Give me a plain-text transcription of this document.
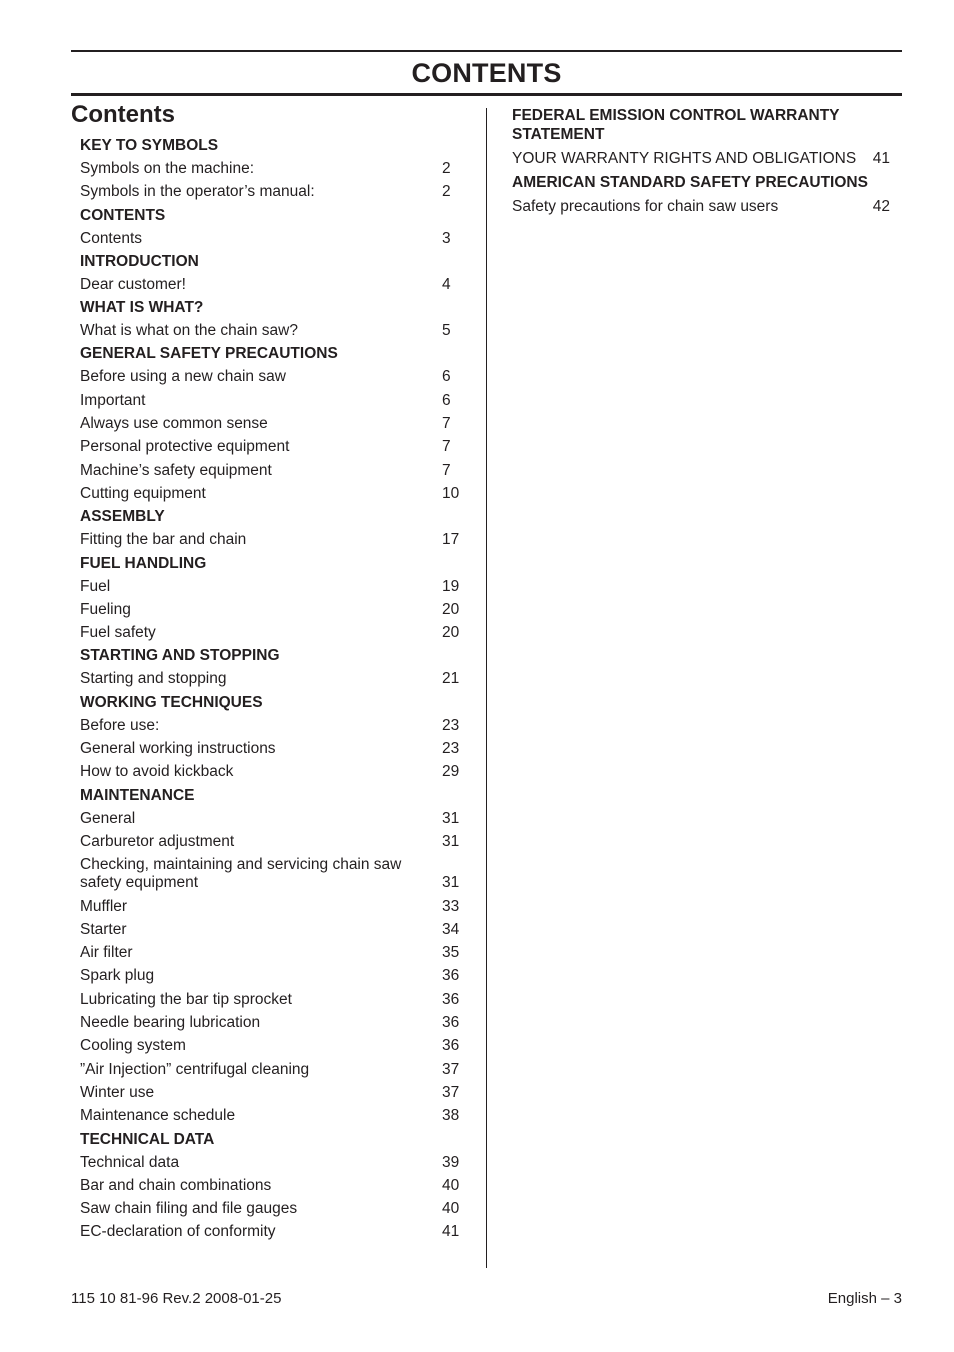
CONTENTS
Contents
KEY TO SYMBOLS
Symbols on the machine:	2
Symbols in the operator’s manual:	2
CONTENTS
Contents	3
INTRODUCTION
Dear customer!	4
WHAT IS WHAT?
What is what on the chain saw?	5
GENERAL SAFETY PRECAUTIONS
Before using a new chain saw	6
Important	6
Always use common sense	7
Personal protective equipment	7
Machine’s safety equipment	7
Cutting equipment	10
ASSEMBLY
Fitting the bar and chain	17
FUEL HANDLING
Fuel	19
Fueling	20
Fuel safety	20
STARTING AND STOPPING
Starting and stopping	21
WORKING TECHNIQUES
Before use:	23
General working instructions	23
How to avoid kickback	29
MAINTENANCE
General	31
Carburetor adjustment	31
Checking, maintaining and servicing chain saw safety equipment	31
Muffler	33
Starter	34
Air filter	35
Spark plug	36
Lubricating the bar tip sprocket	36
Needle bearing lubrication	36
Cooling system	36
”Air Injection” centrifugal cleaning	37
Winter use	37
Maintenance schedule	38
TECHNICAL DATA
Technical data	39
Bar and chain combinations	40
Saw chain filing and file gauges	40
EC-declaration of conformity	41
FEDERAL EMISSION CONTROL WARRANTY STATEMENT
YOUR WARRANTY RIGHTS AND OBLIGATIONS	41
AMERICAN STANDARD SAFETY PRECAUTIONS
Safety precautions for chain saw users	42
115 10 81-96 Rev.2 2008-01-25	English – 3
